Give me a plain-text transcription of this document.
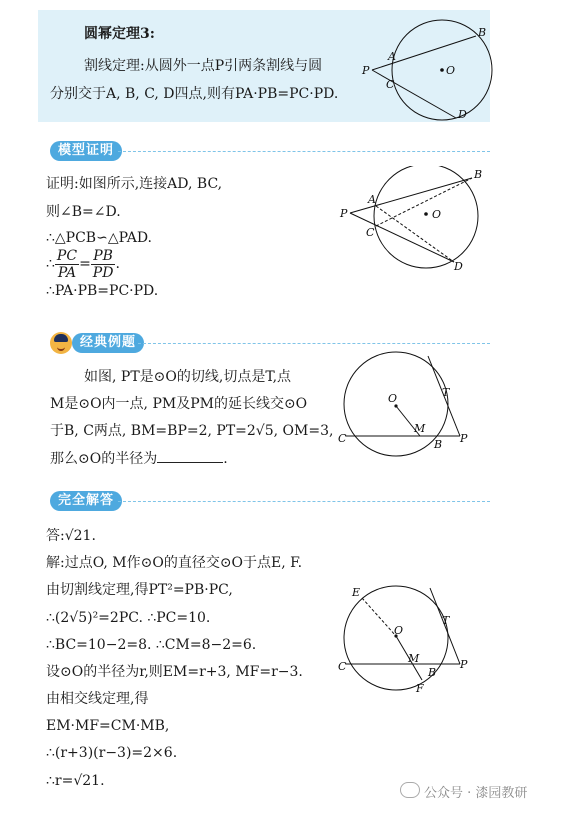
圆幂定理3:
割线定理:从圆外一点P引两条割线与圆
分别交于A, B, C, D四点,则有PA·PB=PC·PD.
P
A
B
C
D
O
模型证明
证明:如图所示,连接AD, BC,
则∠B=∠D.
∴△PCB∽△PAD.
∴ $\frac{PC}{PA} = \frac{PB}{PD}$ .
∴PA·PB=PC·PD.
P
A
B
C
D
O
经典例题
如图, PT是⊙O的切线,切点是T,点
M是⊙O内一点, PM及PM的延长线交⊙O
于B, C两点, BM=BP=2, PT=2√5, OM=3,
那么⊙O的半径为	.
O	T
M
C	B P
完全解答
答:√21.
解:过点O, M作⊙O的直径交⊙O于点E, F.
由切割线定理,得PT²=PB·PC,
∴(2√5)²=2PC. ∴PC=10.
∴BC=10−2=8. ∴CM=8−2=6.
设⊙O的半径为r,则EM=r+3, MF=r−3.
由相交线定理,得
EM·MF=CM·MB,
∴(r+3)(r−3)=2×6.
∴r=√21.
E
O
T
M
C	B
P
F
公众号 · 漆园教研
